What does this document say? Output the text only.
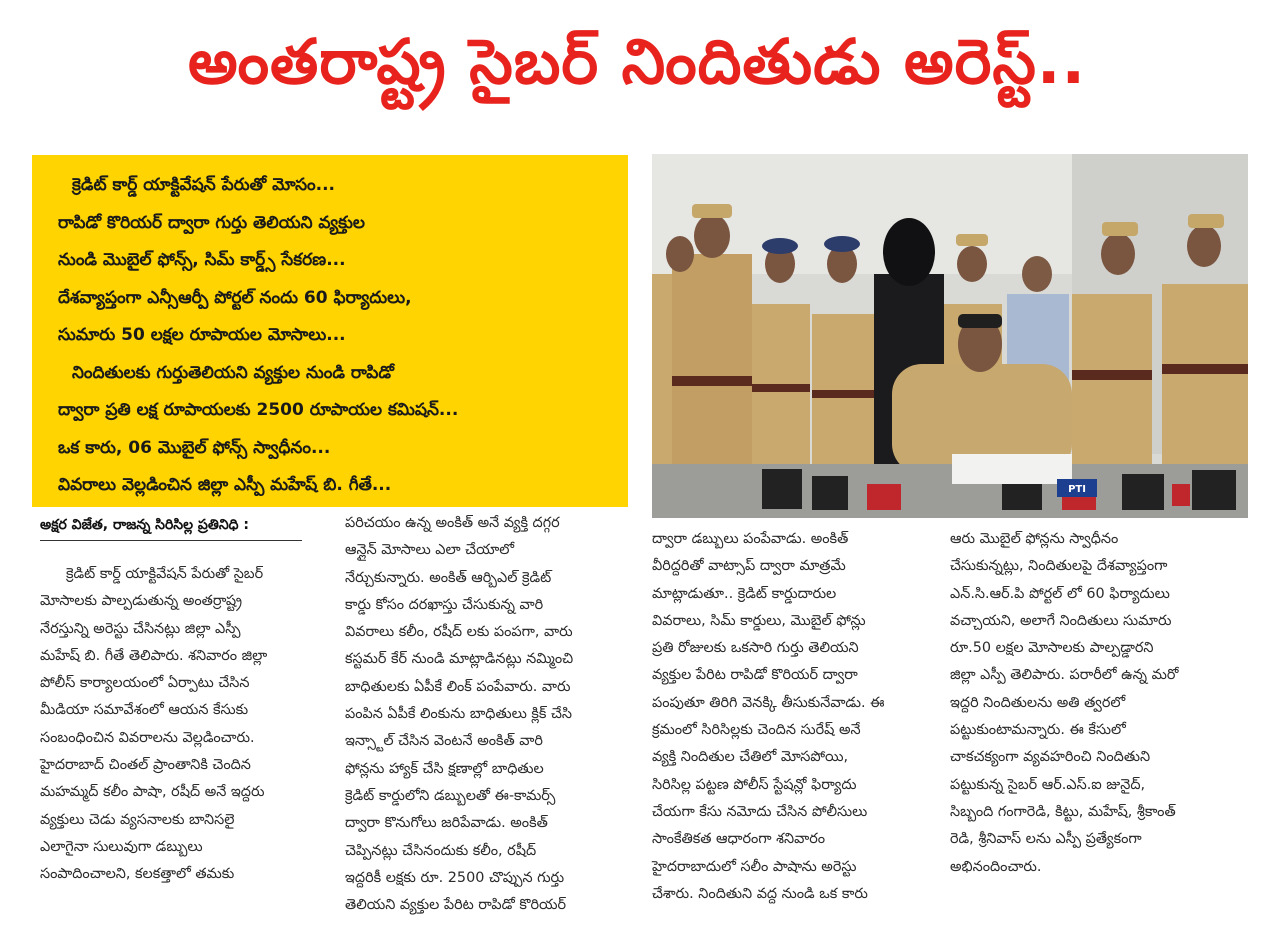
అంతరాష్ట్ర సైబర్ నిందితుడు అరెస్ట్..
క్రెడిట్ కార్డ్ యాక్టివేషన్ పేరుతో మోసం...
రాపిడో కొరియర్ ద్వారా గుర్తు తెలియని వ్యక్తుల
నుండి మొబైల్ ఫోన్స్, సిమ్ కార్డ్స్ సేకరణ...
దేశవ్యాప్తంగా ఎన్సీఆర్పీ పోర్టల్ నందు 60 ఫిర్యాదులు,
సుమారు 50 లక్షల రూపాయల మోసాలు...
నిందితులకు గుర్తుతెలియని వ్యక్తుల నుండి రాపిడో
ద్వారా ప్రతి లక్ష రూపాయలకు 2500 రూపాయల కమిషన్...
ఒక కారు, 06 మొబైల్ ఫోన్స్ స్వాధీనం...
వివరాలు వెల్లడించిన జిల్లా ఎస్పీ మహేష్ బి. గీతే...	PTI
అక్షర విజేత, రాజన్న సిరిసిల్ల ప్రతినిధి :
క్రెడిట్ కార్డ్ యాక్టివేషన్ పేరుతో సైబర్
మోసాలకు పాల్పడుతున్న అంతర్రాష్ట్ర
నేరస్తున్ని అరెస్టు చేసినట్లు జిల్లా ఎస్పీ
మహేష్ బి. గీతే తెలిపారు. శనివారం జిల్లా
పోలీస్ కార్యాలయంలో ఏర్పాటు చేసిన
మీడియా సమావేశంలో ఆయన కేసుకు
సంబంధించిన వివరాలను వెల్లడించారు.
హైదరాబాద్ చింతల్ ప్రాంతానికి చెందిన
మహమ్మద్ కలీం పాషా, రషీద్ అనే ఇద్దరు
వ్యక్తులు చెడు వ్యసనాలకు బానిసలై
ఎలాగైనా సులువుగా డబ్బులు
సంపాదించాలని, కలకత్తాలో తమకు
పరిచయం ఉన్న అంకిత్ అనే వ్యక్తి దగ్గర
ఆన్లైన్ మోసాలు ఎలా చేయాలో
నేర్చుకున్నారు. అంకిత్ ఆర్బిఎల్ క్రెడిట్
కార్డు కోసం దరఖాస్తు చేసుకున్న వారి
వివరాలు కలీం, రషీద్ లకు పంపగా, వారు
కస్టమర్ కేర్ నుండి మాట్లాడినట్లు నమ్మించి
బాధితులకు ఏపీకే లింక్ పంపేవారు. వారు
పంపిన ఏపీకే లింకును బాధితులు క్లిక్ చేసి
ఇన్స్టాల్ చేసిన వెంటనే అంకిత్ వారి
ఫోన్లను హ్యాక్ చేసి క్షణాల్లో బాధితుల
క్రెడిట్ కార్డులోని డబ్బులతో ఈ-కామర్స్
ద్వారా కొనుగోలు జరిపేవాడు. అంకిత్
చెప్పినట్లు చేసినందుకు కలీం, రషీద్
ఇద్దరికీ లక్షకు రూ. 2500 చొప్పున గుర్తు
తెలియని వ్యక్తుల పేరిట రాపిడో కొరియర్
ద్వారా డబ్బులు పంపేవాడు. అంకిత్
వీరిద్దరితో వాట్సాప్ ద్వారా మాత్రమే
మాట్లాడుతూ.. క్రెడిట్ కార్డుదారుల
వివరాలు, సిమ్ కార్డులు, మొబైల్ ఫోన్లు
ప్రతి రోజులకు ఒకసారి గుర్తు తెలియని
వ్యక్తుల పేరిట రాపిడో కొరియర్ ద్వారా
పంపుతూ తిరిగి వెనక్కి తీసుకునేవాడు. ఈ
క్రమంలో సిరిసిల్లకు చెందిన సురేష్ అనే
వ్యక్తి నిందితుల చేతిలో మోసపోయి,
సిరిసిల్ల పట్టణ పోలీస్ స్టేషన్లో ఫిర్యాదు
చేయగా కేసు నమోదు చేసిన పోలీసులు
సాంకేతికత ఆధారంగా శనివారం
హైదరాబాదులో సలీం పాషాను అరెస్టు
చేశారు. నిందితుని వద్ద నుండి ఒక కారు
ఆరు మొబైల్ ఫోన్లను స్వాధీనం
చేసుకున్నట్లు, నిందితులపై దేశవ్యాప్తంగా
ఎన్.సి.ఆర్.పి పోర్టల్ లో 60 ఫిర్యాదులు
వచ్చాయని, అలాగే నిందితులు సుమారు
రూ.50 లక్షల మోసాలకు పాల్పడ్డారని
జిల్లా ఎస్పీ తెలిపారు. పరారీలో ఉన్న మరో
ఇద్దరి నిందితులను అతి త్వరలో
పట్టుకుంటామన్నారు. ఈ కేసులో
చాకచక్యంగా వ్యవహరించి నిందితుని
పట్టుకున్న సైబర్ ఆర్.ఎస్.ఐ జునైద్,
సిబ్బంది గంగారెడి, కిట్టు, మహేష్, శ్రీకాంత్
రెడి, శ్రీనివాస్ లను ఎస్పీ ప్రత్యేకంగా
అభినందించారు.
